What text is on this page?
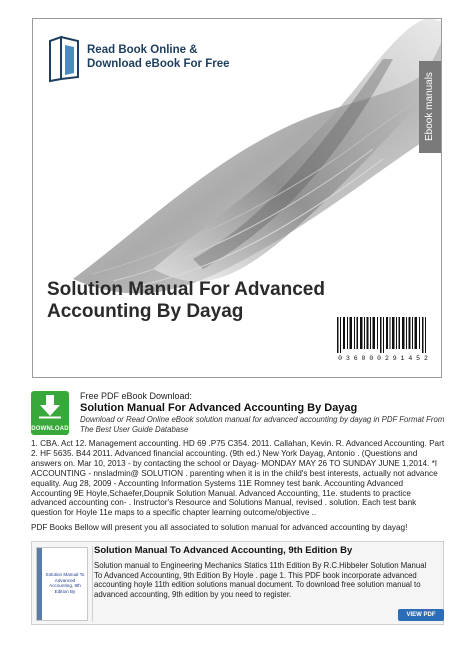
Read Book Online &
Download eBook For Free
Ebook manuals
Solution Manual For Advanced Accounting By Dayag
0 3 6 0 0 0 2 9 1 4 5 2
DOWNLOAD
Free PDF eBook Download:
Solution Manual For Advanced Accounting By Dayag
Download or Read Online eBook solution manual for advanced accounting by dayag in PDF Format From The Best User Guide Database
1. CBA. Act 12. Management accounting. HD 69 .P75 C354. 2011. Callahan, Kevin. R. Advanced Accounting. Part 2. HF 5635. B44 2011. Advanced financial accounting. (9th ed.) New York Dayag, Antonio . (Questions and answers on. Mar 10, 2013 - by contacting the school or Dayag- MONDAY MAY 26 TO SUNDAY JUNE 1,2014. *I ACCOUNTING - nnsladmin@ SOLUTION . parenting when it is in the child's best interests, actually not advance equality. Aug 28, 2009 - Accounting Information Systems 11E Romney test bank. Accounting Advanced Accounting 9E Hoyle,Schaefer,Doupnik Solution Manual. Advanced Accounting, 11e. students to practice advanced accounting con- . Instructor's Resource and Solutions Manual, revised . solution. Each test bank question for Hoyle 11e maps to a specific chapter learning outcome/objective ..
PDF Books Bellow will present you all associated to solution manual for advanced accounting by dayag!
Solution Manual To Advanced Accounting, 9th Edition By
Solution Manual To Advanced Accounting, 9th Edition By
Solution manual to Engineering Mechanics Statics 11th Edition By R.C.Hibbeler Solution Manual To Advanced Accounting, 9th Edition By Hoyle . page 1. This PDF book incorporate advanced accounting hoyle 11th edition solutions manual document. To download free solution manual to advanced accounting, 9th edition by you need to register.
VIEW PDF
